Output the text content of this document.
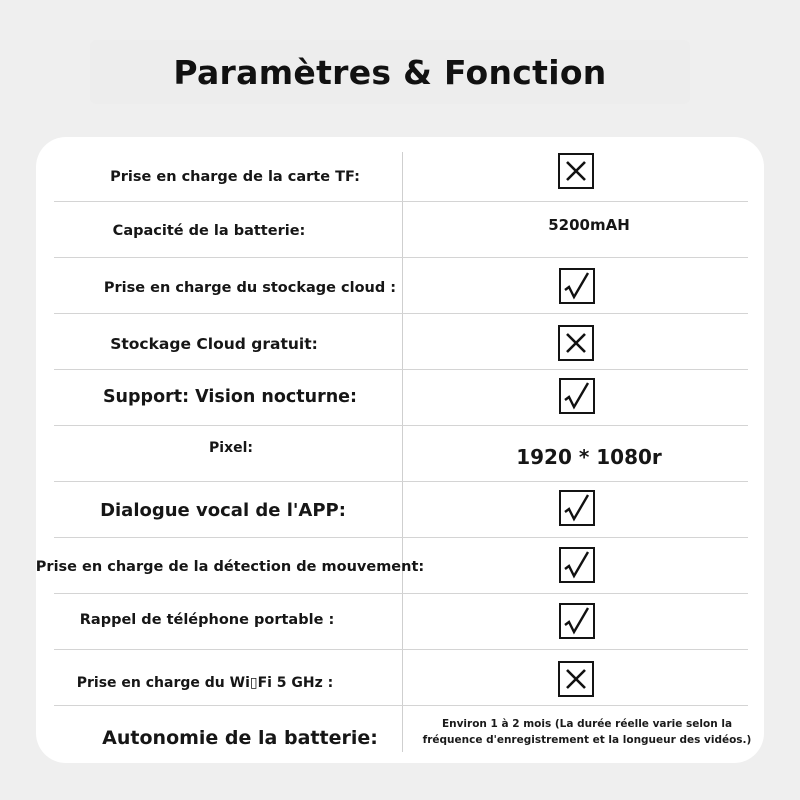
Paramètres & Fonction
Prise en charge de la carte TF:
Capacité de la batterie:
Prise en charge du stockage cloud :
Stockage Cloud gratuit:
Support: Vision nocturne:
Pixel:
Dialogue vocal de l'APP:
Prise en charge de la détection de mouvement:
Rappel de téléphone portable :
Prise en charge du Wi▯Fi 5 GHz :
Autonomie de la batterie:
5200mAH
1920 * 1080r
Environ 1 à 2 mois (La durée réelle varie selon la fréquence d'enregistrement et la longueur des vidéos.)
